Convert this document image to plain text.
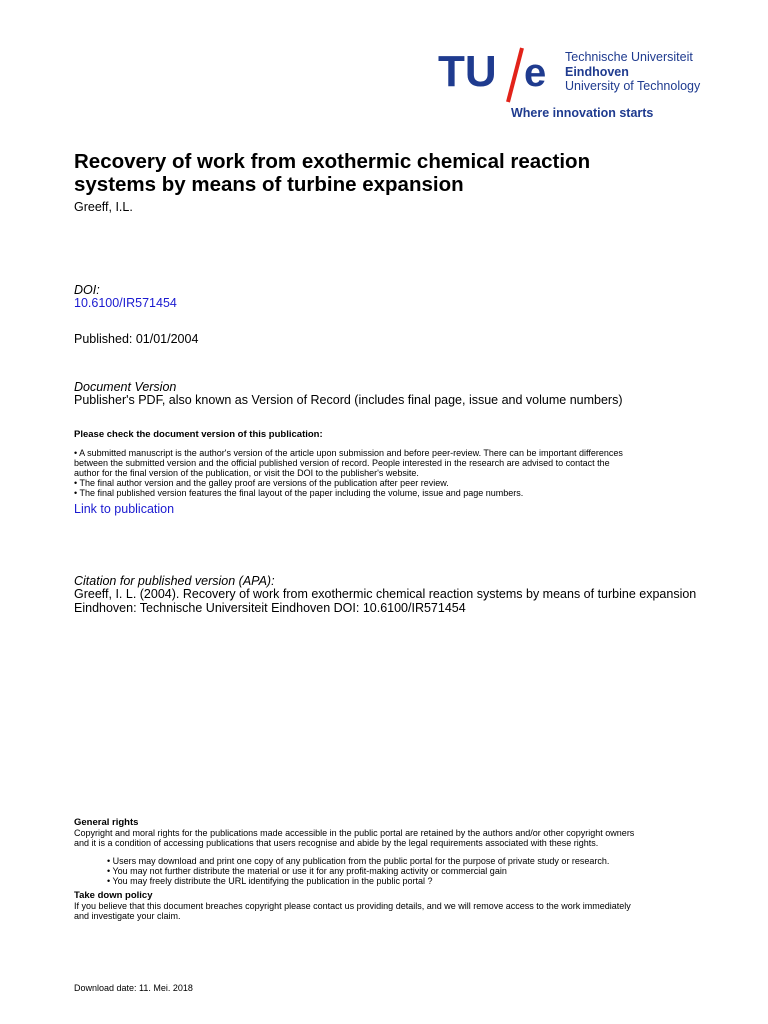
TU e Technische Universiteit
Eindhoven
University of Technology
Where innovation starts
Recovery of work from exothermic chemical reaction
systems by means of turbine expansion
Greeff, I.L.
DOI:
10.6100/IR571454
Published: 01/01/2004
Document Version
Publisher's PDF, also known as Version of Record (includes final page, issue and volume numbers)
Please check the document version of this publication:
• A submitted manuscript is the author's version of the article upon submission and before peer-review. There can be important differences
between the submitted version and the official published version of record. People interested in the research are advised to contact the
author for the final version of the publication, or visit the DOI to the publisher's website.
• The final author version and the galley proof are versions of the publication after peer review.
• The final published version features the final layout of the paper including the volume, issue and page numbers.
Link to publication
Citation for published version (APA):
Greeff, I. L. (2004). Recovery of work from exothermic chemical reaction systems by means of turbine expansion
Eindhoven: Technische Universiteit Eindhoven DOI: 10.6100/IR571454
General rights
Copyright and moral rights for the publications made accessible in the public portal are retained by the authors and/or other copyright owners
and it is a condition of accessing publications that users recognise and abide by the legal requirements associated with these rights.
• Users may download and print one copy of any publication from the public portal for the purpose of private study or research.
• You may not further distribute the material or use it for any profit-making activity or commercial gain
• You may freely distribute the URL identifying the publication in the public portal ?
Take down policy
If you believe that this document breaches copyright please contact us providing details, and we will remove access to the work immediately
and investigate your claim.
Download date: 11. Mei. 2018
